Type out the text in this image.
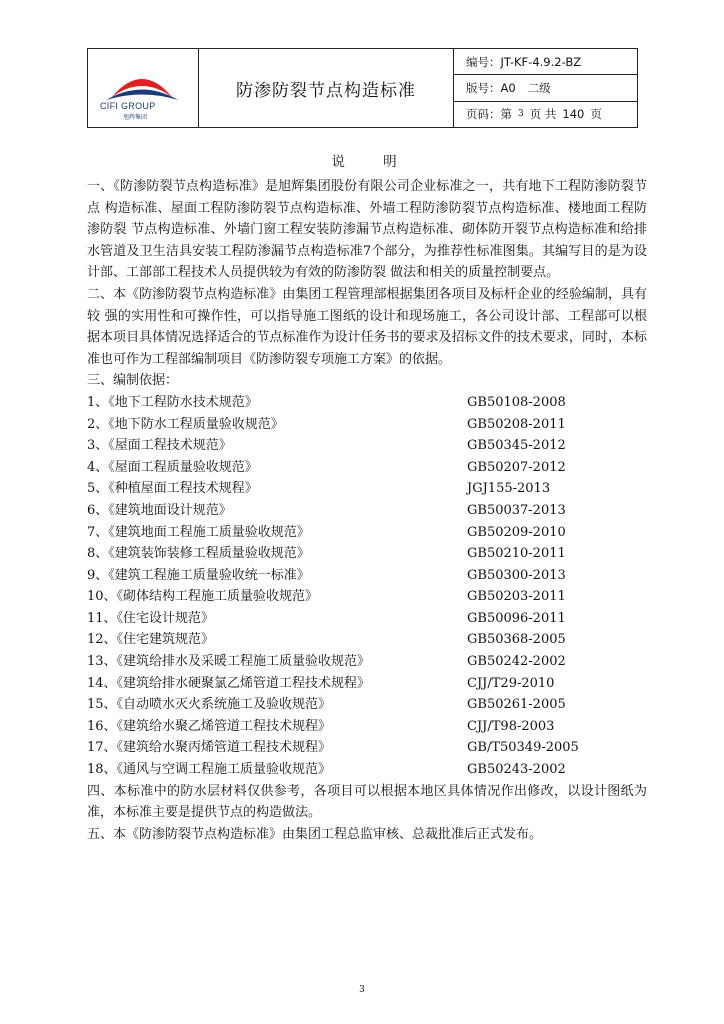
CIFI GROUP
旭辉集团
防渗防裂节点构造标准
编号：JT-KF-4.9.2-BZ
版号：A0 二级
页码：第 3 页 共 140 页
说 明

一、《防渗防裂节点构造标准》是旭辉集团股份有限公司企业标准之一，共有地下工程防渗防裂节点 构造标准、屋面工程防渗防裂节点构造标准、外墙工程防渗防裂节点构造标准、楼地面工程防渗防裂 节点构造标准、外墙门窗工程安装防渗漏节点构造标准、砌体防开裂节点构造标准和给排水管道及卫生洁具安装工程防渗漏节点构造标准7个部分，为推荐性标准图集。其编写目的是为设计部、工部部工程技术人员提供较为有效的防渗防裂 做法和相关的质量控制要点。

二、本《防渗防裂节点构造标准》由集团工程管理部根据集团各项目及标杆企业的经验编制，具有较 强的实用性和可操作性，可以指导施工图纸的设计和现场施工，各公司设计部、工程部可以根据本项目具体情况选择适合的节点标准作为设计任务书的要求及招标文件的技术要求，同时，本标准也可作为工程部编制项目《防渗防裂专项施工方案》的依据。

三、编制依据：

1、《地下工程防水技术规范》	GB50108-2008
2、《地下防水工程质量验收规范》	GB50208-2011
3、《屋面工程技术规范》	GB50345-2012
4、《屋面工程质量验收规范》	GB50207-2012
5、《种植屋面工程技术规程》	JGJ155-2013
6、《建筑地面设计规范》	GB50037-2013
7、《建筑地面工程施工质量验收规范》	GB50209-2010
8、《建筑装饰装修工程质量验收规范》	GB50210-2011
9、《建筑工程施工质量验收统一标准》	GB50300-2013
10、《砌体结构工程施工质量验收规范》	GB50203-2011
11、《住宅设计规范》	GB50096-2011
12、《住宅建筑规范》	GB50368-2005
13、《建筑给排水及采暖工程施工质量验收规范》	GB50242-2002
14、《建筑给排水硬聚氯乙烯管道工程技术规程》	CJJ/T29-2010
15、《自动喷水灭火系统施工及验收规范》	GB50261-2005
16、《建筑给水聚乙烯管道工程技术规程》	CJJ/T98-2003
17、《建筑给水聚丙烯管道工程技术规程》	GB/T50349-2005
18、《通风与空调工程施工质量验收规范》	GB50243-2002

四、本标准中的防水层材料仅供参考，各项目可以根据本地区具体情况作出修改，以设计图纸为准，本标准主要是提供节点的构造做法。

五、本《防渗防裂节点构造标准》由集团工程总监审核、总裁批准后正式发布。

3
